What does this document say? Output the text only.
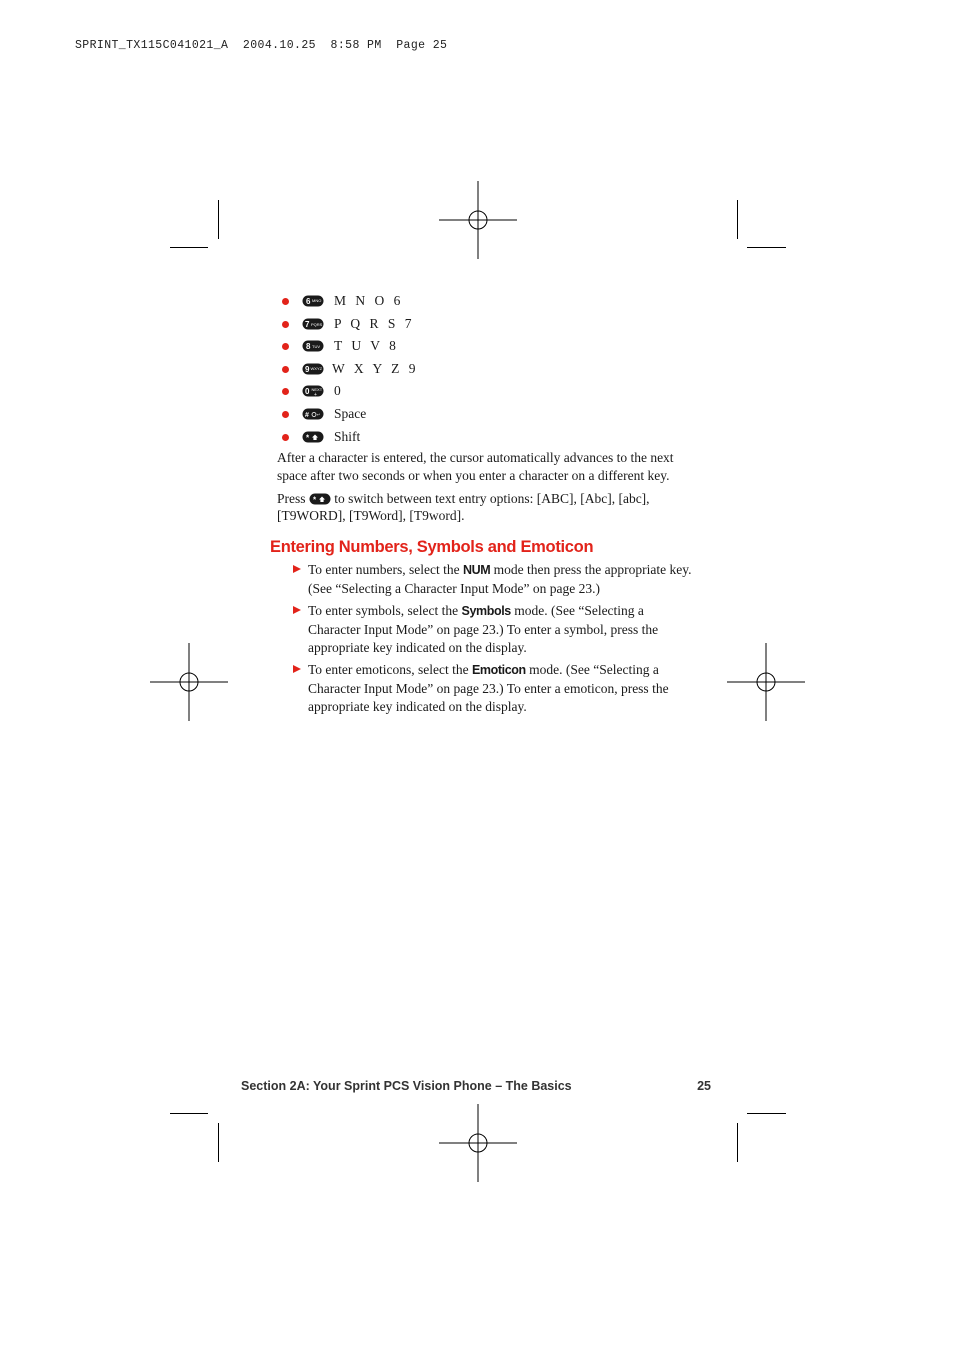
SPRINT_TX115C041021_A  2004.10.25  8:58 PM  Page 25
6 MNO M N O 6
7 PQRS P Q R S 7
8 TUV T U V 8
9 WXYZ W X Y Z 9
0 NEXT
+ 0
# ↵ Space
* Shift

After a character is entered, the cursor automatically advances to the next space after two seconds or when you enter a character on a different key.

Press * to switch between text entry options: [ABC], [Abc], [abc], [T9WORD], [T9Word], [T9word].

Entering Numbers, Symbols and Emoticon
To enter numbers, select the NUM mode then press the appropriate key. (See “Selecting a Character Input Mode” on page 23.)
To enter symbols, select the Symbols mode. (See “Selecting a Character Input Mode” on page 23.) To enter a symbol, press the appropriate key indicated on the display.
To enter emoticons, select the Emoticon mode. (See “Selecting a Character Input Mode” on page 23.) To enter a emoticon, press the appropriate key indicated on the display.
Section 2A: Your Sprint PCS Vision Phone – The Basics	25
